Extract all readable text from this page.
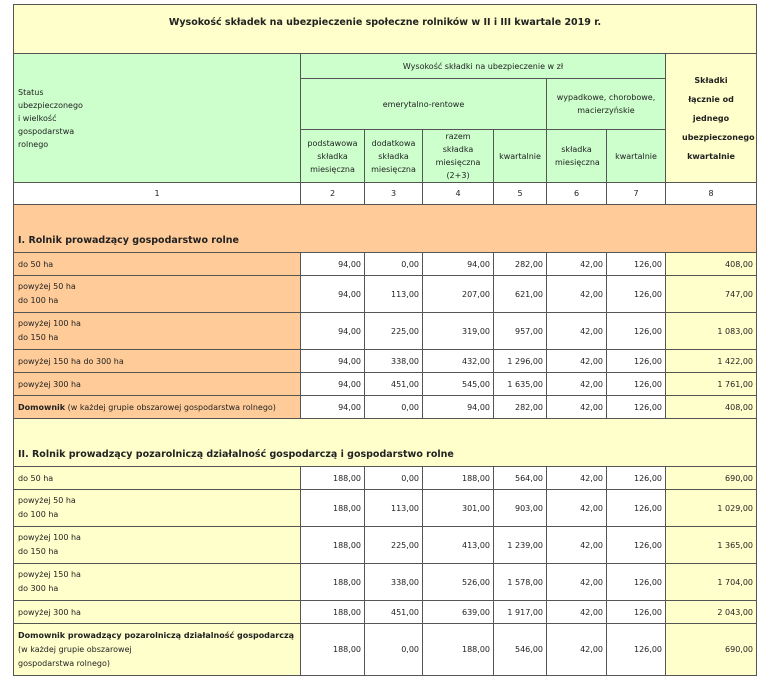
Wysokość składek na ubezpieczenie społeczne rolników w II i III kwartale 2019 r.							
Status
ubezpieczonego
i wielkość
gospodarstwa
rolnego	Wysokość składki na ubezpieczenie w zł						Składki łącznie od jednego ubezpieczonego kwartalnie
	emerytalno-rentowe				wypadkowe, chorobowe, macierzyńskie		
	podstawowa składka miesięczna	dodatkowa składka miesięczna	razem składka miesięczna (2+3)	kwartalnie	składka miesięczna	kwartalnie	
1	2	3	4	5	6	7	8
I. Rolnik prowadzący gospodarstwo rolne							
do 50 ha	94,00	0,00	94,00	282,00	42,00	126,00	408,00
powyżej 50 ha
do 100 ha	94,00	113,00	207,00	621,00	42,00	126,00	747,00
powyżej 100 ha
do 150 ha	94,00	225,00	319,00	957,00	42,00	126,00	1 083,00
powyżej 150 ha do 300 ha	94,00	338,00	432,00	1 296,00	42,00	126,00	1 422,00
powyżej 300 ha	94,00	451,00	545,00	1 635,00	42,00	126,00	1 761,00
Domownik (w każdej grupie obszarowej gospodarstwa rolnego)	94,00	0,00	94,00	282,00	42,00	126,00	408,00
II. Rolnik prowadzący pozarolniczą działalność gospodarczą i gospodarstwo rolne							
do 50 ha	188,00	0,00	188,00	564,00	42,00	126,00	690,00
powyżej 50 ha
do 100 ha	188,00	113,00	301,00	903,00	42,00	126,00	1 029,00
powyżej 100 ha
do 150 ha	188,00	225,00	413,00	1 239,00	42,00	126,00	1 365,00
powyżej 150 ha
do 300 ha	188,00	338,00	526,00	1 578,00	42,00	126,00	1 704,00
powyżej 300 ha	188,00	451,00	639,00	1 917,00	42,00	126,00	2 043,00
Domownik prowadzący pozarolniczą działalność gospodarczą
(w każdej grupie obszarowej
gospodarstwa rolnego)	188,00	0,00	188,00	546,00	42,00	126,00	690,00
